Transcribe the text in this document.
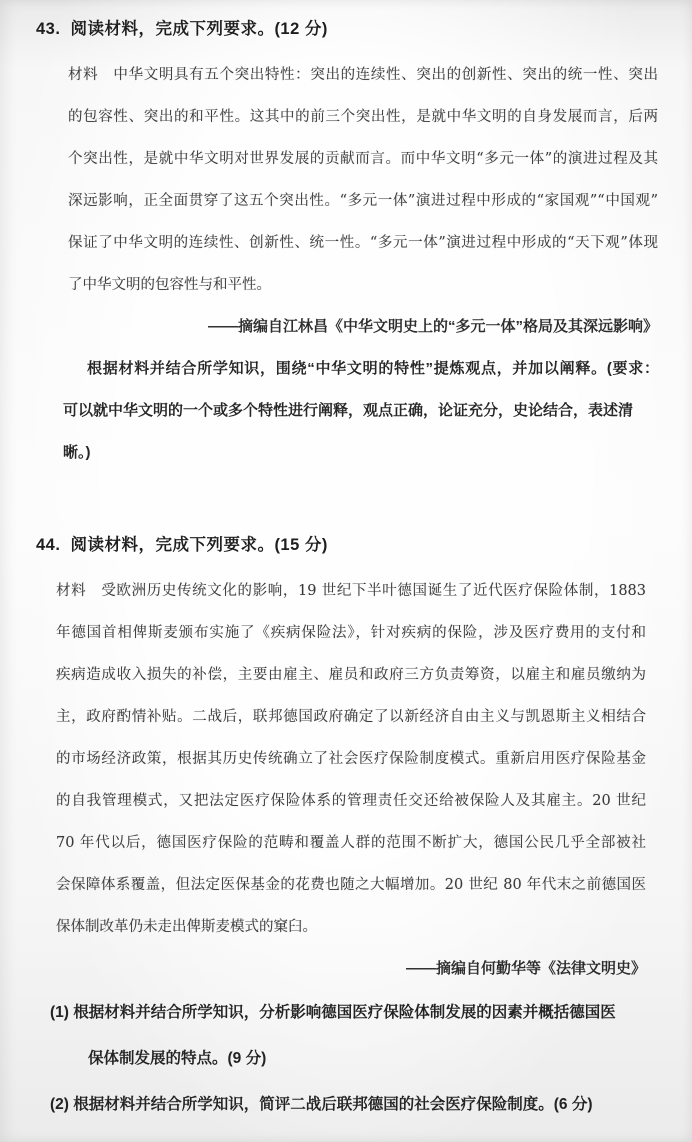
43. 阅读材料，完成下列要求。(12 分)
材料　中华文明具有五个突出特性：突出的连续性、突出的创新性、突出的统一性、突出
的包容性、突出的和平性。这其中的前三个突出性，是就中华文明的自身发展而言，后两
个突出性，是就中华文明对世界发展的贡献而言。而中华文明“多元一体”的演进过程及其
深远影响，正全面贯穿了这五个突出性。“多元一体”演进过程中形成的“家国观”“中国观”
保证了中华文明的连续性、创新性、统一性。“多元一体”演进过程中形成的“天下观”体现
了中华文明的包容性与和平性。
——摘编自江林昌《中华文明史上的“多元一体”格局及其深远影响》
根据材料并结合所学知识，围绕“中华文明的特性”提炼观点，并加以阐释。(要求：
可以就中华文明的一个或多个特性进行阐释，观点正确，论证充分，史论结合，表述清晰。)
44. 阅读材料，完成下列要求。(15 分)
材料　受欧洲历史传统文化的影响，19 世纪下半叶德国诞生了近代医疗保险体制，1883
年德国首相俾斯麦颁布实施了《疾病保险法》，针对疾病的保险，涉及医疗费用的支付和
疾病造成收入损失的补偿，主要由雇主、雇员和政府三方负责筹资，以雇主和雇员缴纳为
主，政府酌情补贴。二战后，联邦德国政府确定了以新经济自由主义与凯恩斯主义相结合
的市场经济政策，根据其历史传统确立了社会医疗保险制度模式。重新启用医疗保险基金
的自我管理模式，又把法定医疗保险体系的管理责任交还给被保险人及其雇主。20 世纪
70 年代以后，德国医疗保险的范畴和覆盖人群的范围不断扩大，德国公民几乎全部被社
会保障体系覆盖，但法定医保基金的花费也随之大幅增加。20 世纪 80 年代末之前德国医
保体制改革仍未走出俾斯麦模式的窠臼。
——摘编自何勤华等《法律文明史》
(1) 根据材料并结合所学知识，分析影响德国医疗保险体制发展的因素并概括德国医
保体制发展的特点。(9 分)
(2) 根据材料并结合所学知识，简评二战后联邦德国的社会医疗保险制度。(6 分)
